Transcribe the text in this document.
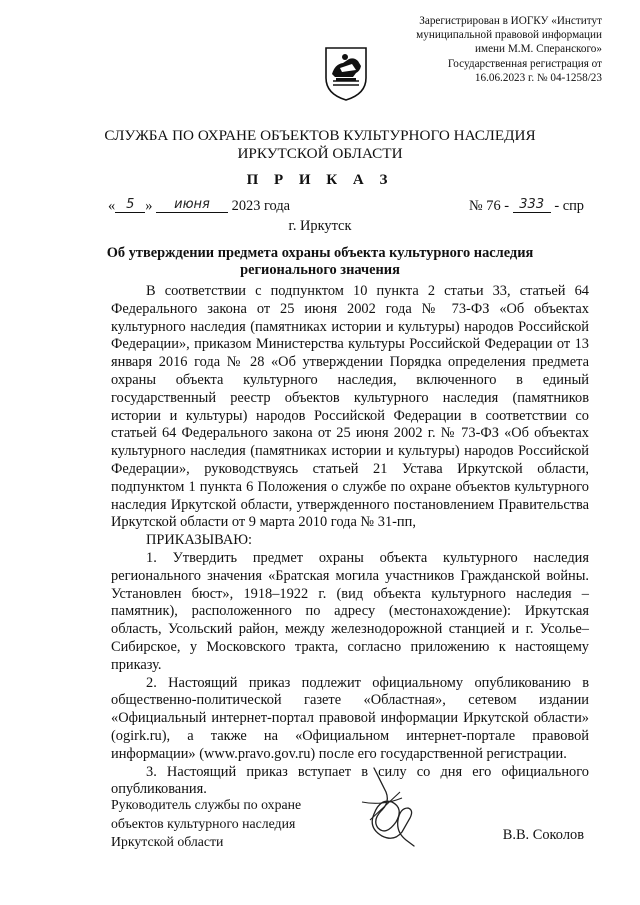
Зарегистрирован в ИОГКУ «Институт
муниципальной правовой информации
имени М.М. Сперанского»
Государственная регистрация от
16.06.2023 г. № 04-1258/23
СЛУЖБА ПО ОХРАНЕ ОБЪЕКТОВ КУЛЬТУРНОГО НАСЛЕДИЯ
ИРКУТСКОЙ ОБЛАСТИ
П Р И К А З
« 5 » июня 2023 года	№ 76 - 333 - спр
г. Иркутск
Об утверждении предмета охраны объекта культурного наследия
регионального значения

В соответствии с подпунктом 10 пункта 2 статьи 33, статьей 64 Федерального закона от 25 июня 2002 года № 73-ФЗ «Об объектах культурного наследия (памятниках истории и культуры) народов Российской Федерации», приказом Министерства культуры Российской Федерации от 13 января 2016 года № 28 «Об утверждении Порядка определения предмета охраны объекта культурного наследия, включенного в единый государственный реестр объектов культурного наследия (памятников истории и культуры) народов Российской Федерации в соответствии со статьей 64 Федерального закона от 25 июня 2002 г. № 73-ФЗ «Об объектах культурного наследия (памятниках истории и культуры) народов Российской Федерации», руководствуясь статьей 21 Устава Иркутской области, подпунктом 1 пункта 6 Положения о службе по охране объектов культурного наследия Иркутской области, утвержденного постановлением Правительства Иркутской области от 9 марта 2010 года № 31-пп,

ПРИКАЗЫВАЮ:

1. Утвердить предмет охраны объекта культурного наследия регионального значения «Братская могила участников Гражданской войны. Установлен бюст», 1918–1922 г. (вид объекта культурного наследия – памятник), расположенного по адресу (местонахождение): Иркутская область, Усольский район, между железнодорожной станцией и г. Усолье–Сибирское, у Московского тракта, согласно приложению к настоящему приказу.

2. Настоящий приказ подлежит официальному опубликованию в общественно-политической газете «Областная», сетевом издании «Официальный интернет-портал правовой информации Иркутской области» (ogirk.ru), а также на «Официальном интернет-портале правовой информации» (www.pravo.gov.ru) после его государственной регистрации.

3. Настоящий приказ вступает в силу со дня его официального опубликования.

Руководитель службы по охране
объектов культурного наследия
Иркутской области	В.В. Соколов
